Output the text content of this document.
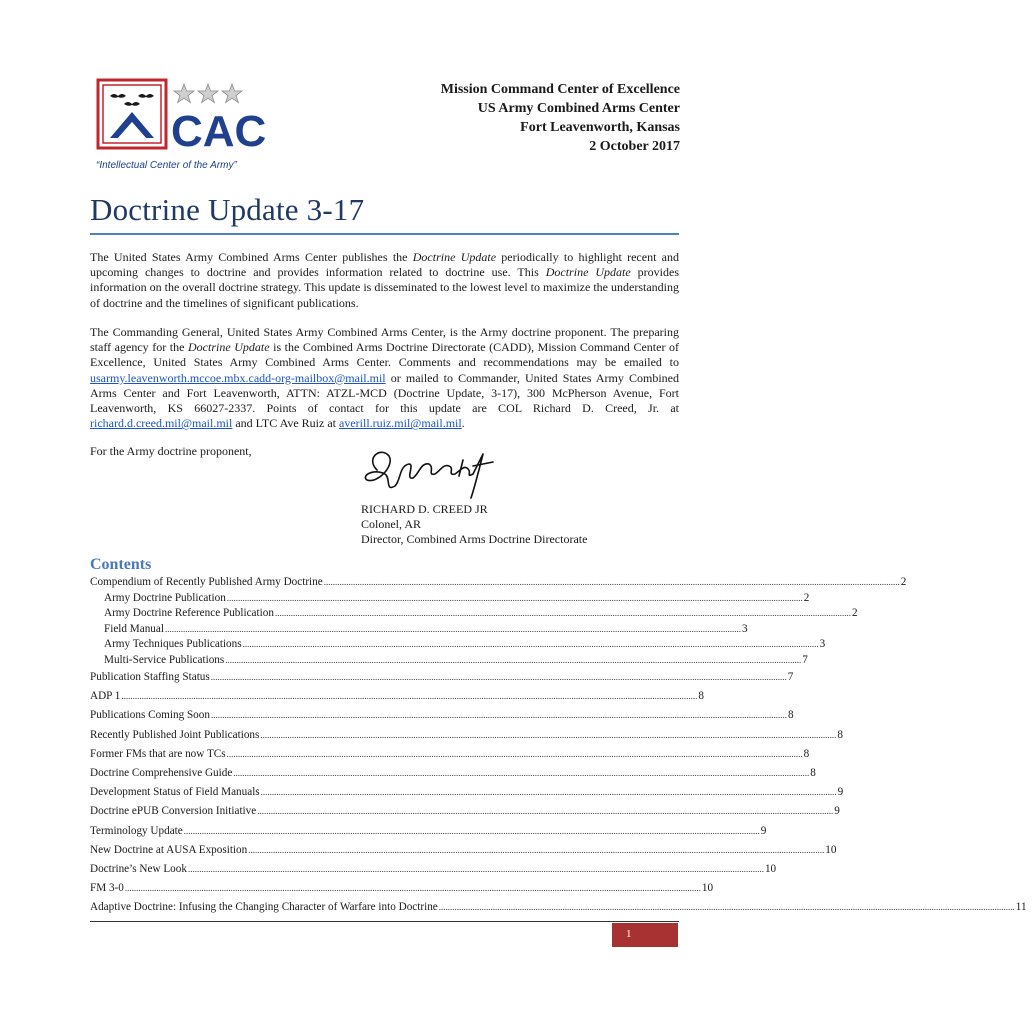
CAC
“Intellectual Center of the Army”
Mission Command Center of Excellence
US Army Combined Arms Center
Fort Leavenworth, Kansas
2 October 2017
Doctrine Update 3-17

The United States Army Combined Arms Center publishes the Doctrine Update periodically to highlight recent and upcoming changes to doctrine and provides information related to doctrine use. This Doctrine Update provides information on the overall doctrine strategy. This update is disseminated to the lowest level to maximize the understanding of doctrine and the timelines of significant publications.

The Commanding General, United States Army Combined Arms Center, is the Army doctrine proponent. The preparing staff agency for the Doctrine Update is the Combined Arms Doctrine Directorate (CADD), Mission Command Center of Excellence, United States Army Combined Arms Center. Comments and recommendations may be emailed to usarmy.leavenworth.mccoe.mbx.cadd-org-mailbox@mail.mil or mailed to Commander, United States Army Combined Arms Center and Fort Leavenworth, ATTN: ATZL-MCD (Doctrine Update, 3-17), 300 McPherson Avenue, Fort Leavenworth, KS 66027-2337. Points of contact for this update are COL Richard D. Creed, Jr. at richard.d.creed.mil@mail.mil and LTC Ave Ruiz at averill.ruiz.mil@mail.mil.

For the Army doctrine proponent,
RICHARD D. CREED JR
Colonel, AR
Director, Combined Arms Doctrine Directorate
Contents
Compendium of Recently Published Army Doctrine .....	2
Army Doctrine Publication .....	2
Army Doctrine Reference Publication .....	2
Field Manual .....	3
Army Techniques Publications .....	3
Multi-Service Publications .....	7
Publication Staffing Status .....	7
ADP 1 .....	8
Publications Coming Soon .....	8
Recently Published Joint Publications .....	8
Former FMs that are now TCs .....	8
Doctrine Comprehensive Guide .....	8
Development Status of Field Manuals .....	9
Doctrine ePUB Conversion Initiative .....	9
Terminology Update .....	9
New Doctrine at AUSA Exposition .....	10
Doctrine’s New Look .....	10
FM 3-0 .....	10
Adaptive Doctrine: Infusing the Changing Character of Warfare into Doctrine .....	11
1
